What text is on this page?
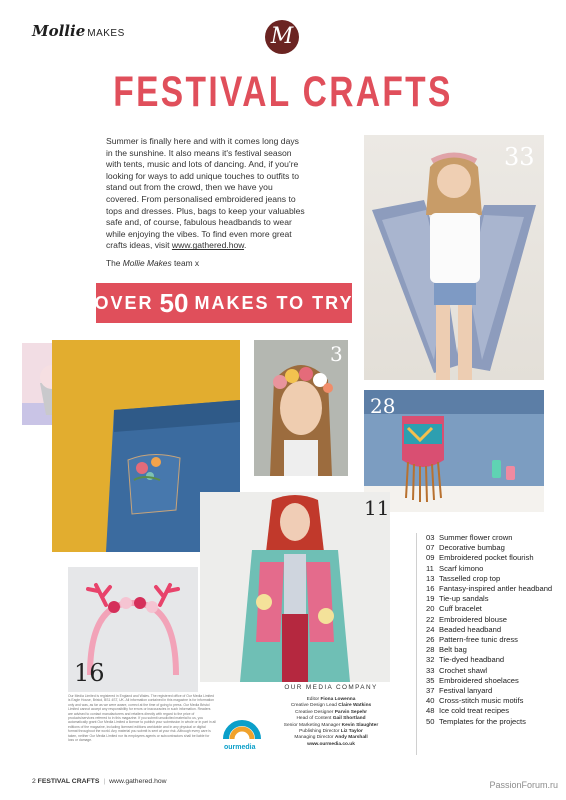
Mollie MAKES	M
FESTIVAL CRAFTS
Summer is finally here and with it comes long days in the sunshine. It also means it's festival season with tents, music and lots of dancing. And, if you're looking for ways to add unique touches to outfits to stand out from the crowd, then we have you covered. From personalised embroidered jeans to tops and dresses. Plus, bags to keep your valuables safe and, of course, fabulous headbands to wear while enjoying the vibes. To find even more great crafts ideas, visit www.gathered.how.
The Mollie Makes team x
OVER 50 MAKES TO TRY
33
3
28
11
16
03 Summer flower crown
07 Decorative bumbag
09 Embroidered pocket flourish
11 Scarf kimono
13 Tasselled crop top
16 Fantasy-inspired antler headband
19 Tie-up sandals
20 Cuff bracelet
22 Embroidered blouse
24 Beaded headband
26 Pattern-free tunic dress
28 Belt bag
32 Tie-dyed headband
33 Crochet shawl
35 Embroidered shoelaces
37 Festival lanyard
40 Cross-stitch music motifs
48 Ice cold treat recipes
50 Templates for the projects
Our Media Limited is registered in England and Wales. The registered office of Our Media Limited is Eagle House, Bristol, BS1 4ST, UK. All information contained in this magazine is for information only and was, as far as we were aware, correct at the time of going to press. Our Media Bristol Limited cannot accept any responsibility for errors or inaccuracies in such information. Readers are advised to contact manufacturers and retailers directly with regard to the price of products/services referred to in this magazine. If you submit unsolicited material to us, you automatically grant Our Media Limited a licence to publish your submission in whole or in part in all editions of the magazine, including licensed editions worldwide and in any physical or digital format throughout the world. Any material you submit is sent at your risk. Although every care is taken, neither Our Media Limited nor its employees agents or subcontractors shall be liable for loss or damage.
ourmedia
OUR MEDIA COMPANY
Editor Fiona Lowenna
Creative Design Lead Claire Watkins
Creative Designer Parvin Sepehr
Head of Content Gail Shortland
Senior Marketing Manager Kevin Slaughter
Publishing Director Liz Taylor
Managing Director Andy Marshall
www.ourmedia.co.uk
2 FESTIVAL CRAFTS | www.gathered.how	PassionForum.ru
